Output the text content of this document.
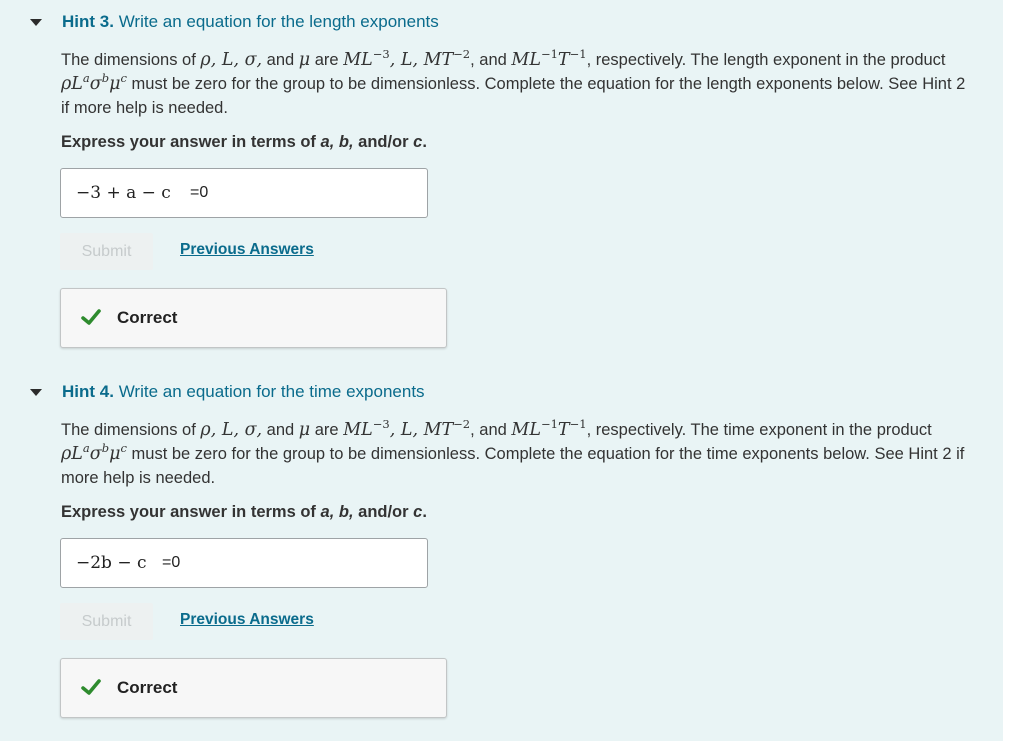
Hint 3. Write an equation for the length exponents
The dimensions of ρ, L, σ, and μ are $ML^{-3}$, L, $MT^{-2}$, and $ML^{-1}T^{-1}$, respectively. The length exponent in the product $\rho L^a\sigma^b\mu^c$ must be zero for the group to be dimensionless. Complete the equation for the length exponents below. See Hint 2 if more help is needed.
Express your answer in terms of a, b, and/or c.
−3 + a − c =0
Submit	Previous Answers
Correct
Hint 4. Write an equation for the time exponents
The dimensions of ρ, L, σ, and μ are $ML^{-3}$, L, $MT^{-2}$, and $ML^{-1}T^{-1}$, respectively. The time exponent in the product $\rho L^a\sigma^b\mu^c$ must be zero for the group to be dimensionless. Complete the equation for the time exponents below. See Hint 2 if more help is needed.
Express your answer in terms of a, b, and/or c.
−2b − c =0
Submit	Previous Answers
Correct
